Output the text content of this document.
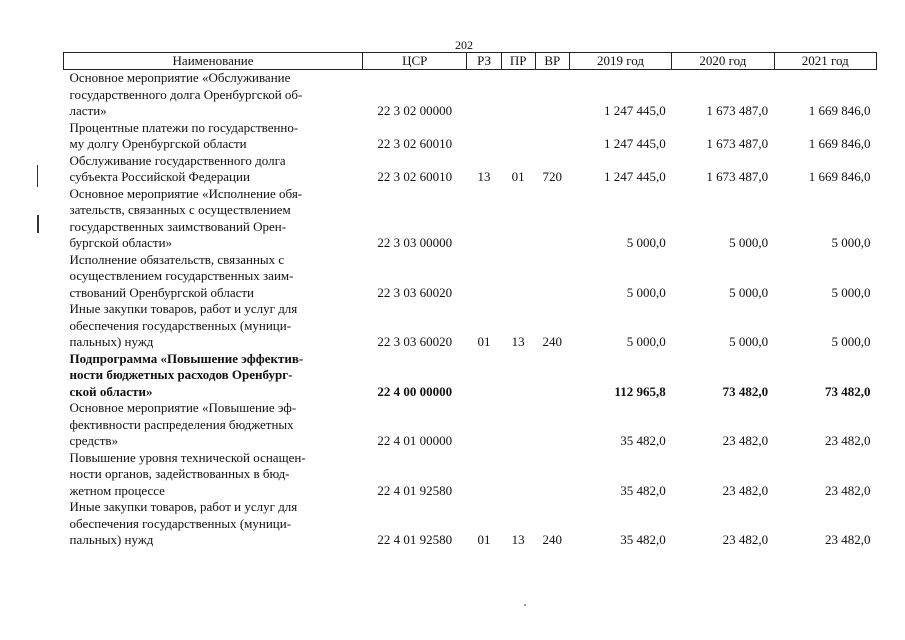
202
Наименование	ЦСР	РЗ	ПР	ВР	2019 год	2020 год	2021 год
Основное мероприятие «Обслуживание
государственного долга Оренбургской об-
ласти»	22 3 02 00000				1 247 445,0	1 673 487,0	1 669 846,0
Процентные платежи по государственно-
му долгу Оренбургской области	22 3 02 60010				1 247 445,0	1 673 487,0	1 669 846,0
Обслуживание государственного долга
субъекта Российской Федерации	22 3 02 60010	13	01	720	1 247 445,0	1 673 487,0	1 669 846,0
Основное мероприятие «Исполнение обя-
зательств, связанных с осуществлением
государственных заимствований Орен-
бургской области»	22 3 03 00000				5 000,0	5 000,0	5 000,0
Исполнение обязательств, связанных с
осуществлением государственных заим-
ствований Оренбургской области	22 3 03 60020				5 000,0	5 000,0	5 000,0
Иные закупки товаров, работ и услуг для
обеспечения государственных (муници-
пальных) нужд	22 3 03 60020	01	13	240	5 000,0	5 000,0	5 000,0
Подпрограмма «Повышение эффектив-
ности бюджетных расходов Оренбург-
ской области»	22 4 00 00000				112 965,8	73 482,0	73 482,0
Основное мероприятие «Повышение эф-
фективности распределения бюджетных
средств»	22 4 01 00000				35 482,0	23 482,0	23 482,0
Повышение уровня технической оснащен-
ности органов, задействованных в бюд-
жетном процессе	22 4 01 92580				35 482,0	23 482,0	23 482,0
Иные закупки товаров, работ и услуг для
обеспечения государственных (муници-
пальных) нужд	22 4 01 92580	01	13	240	35 482,0	23 482,0	23 482,0
